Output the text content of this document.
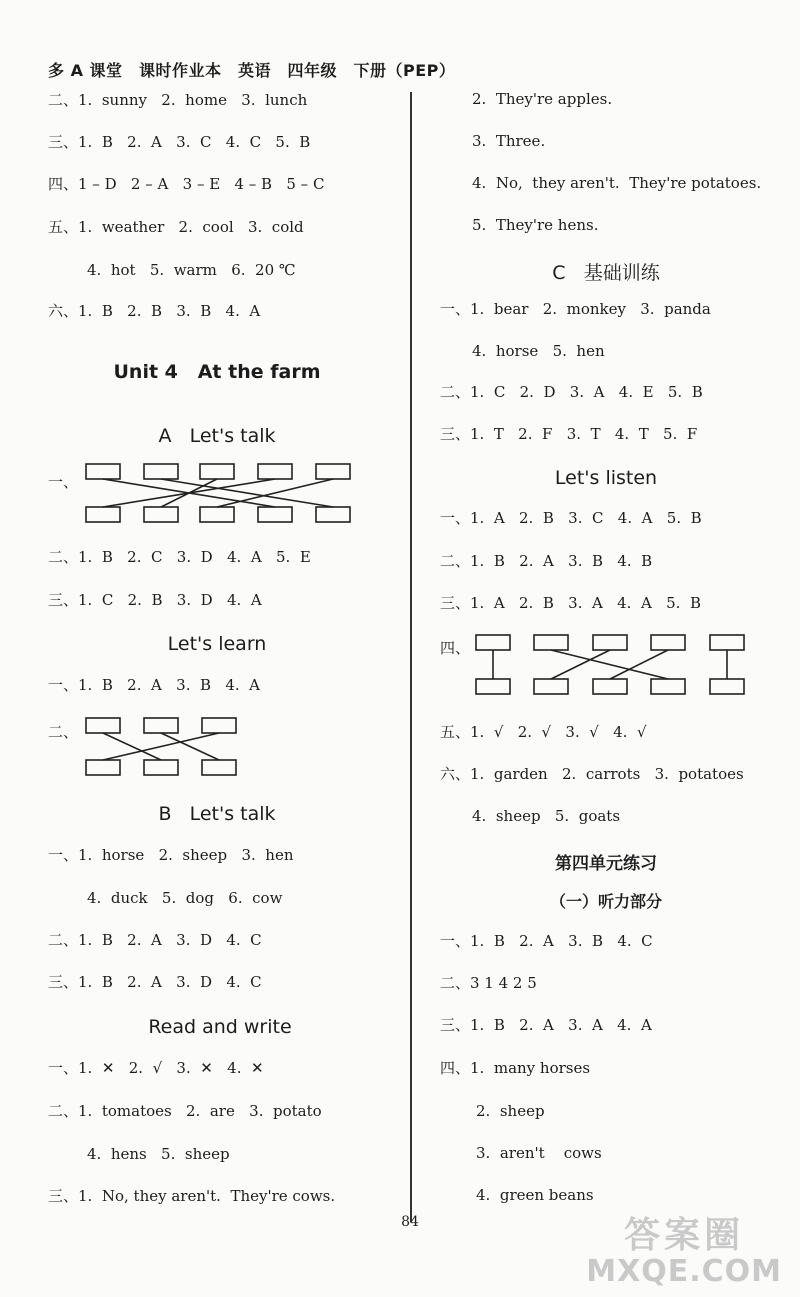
多 A 课堂　课时作业本　英语　四年级　下册（PEP）
二、1.  sunny   2.  home   3.  lunch
三、1.  B   2.  A   3.  C   4.  C   5.  B
四、1 – D   2 – A   3 – E   4 – B   5 – C
五、1.  weather   2.  cool   3.  cold
4.  hot   5.  warm   6.  20 ℃
六、1.  B   2.  B   3.  B   4.  A
Unit 4   At the farm
A   Let's talk
一、
二、1.  B   2.  C   3.  D   4.  A   5.  E
三、1.  C   2.  B   3.  D   4.  A
Let's learn
一、1.  B   2.  A   3.  B   4.  A
二、
B   Let's talk
一、1.  horse   2.  sheep   3.  hen
4.  duck   5.  dog   6.  cow
二、1.  B   2.  A   3.  D   4.  C
三、1.  B   2.  A   3.  D   4.  C
Read and write
一、1.  ✕   2.  √   3.  ✕   4.  ✕
二、1.  tomatoes   2.  are   3.  potato
4.  hens   5.  sheep
三、1.  No, they aren't.  They're cows.
2.  They're apples.
3.  Three.
4.  No,  they aren't.  They're potatoes.
5.  They're hens.
C   基础训练
一、1.  bear   2.  monkey   3.  panda
4.  horse   5.  hen
二、1.  C   2.  D   3.  A   4.  E   5.  B
三、1.  T   2.  F   3.  T   4.  T   5.  F
Let's listen
一、1.  A   2.  B   3.  C   4.  A   5.  B
二、1.  B   2.  A   3.  B   4.  B
三、1.  A   2.  B   3.  A   4.  A   5.  B
四、
五、1.  √   2.  √   3.  √   4.  √
六、1.  garden   2.  carrots   3.  potatoes
4.  sheep   5.  goats
第四单元练习
（一）听力部分
一、1.  B   2.  A   3.  B   4.  C
二、3 1 4 2 5
三、1.  B   2.  A   3.  A   4.  A
四、1.  many horses
2.  sheep
3.  aren't    cows
4.  green beans
84	答案圈
MXQE.COM
